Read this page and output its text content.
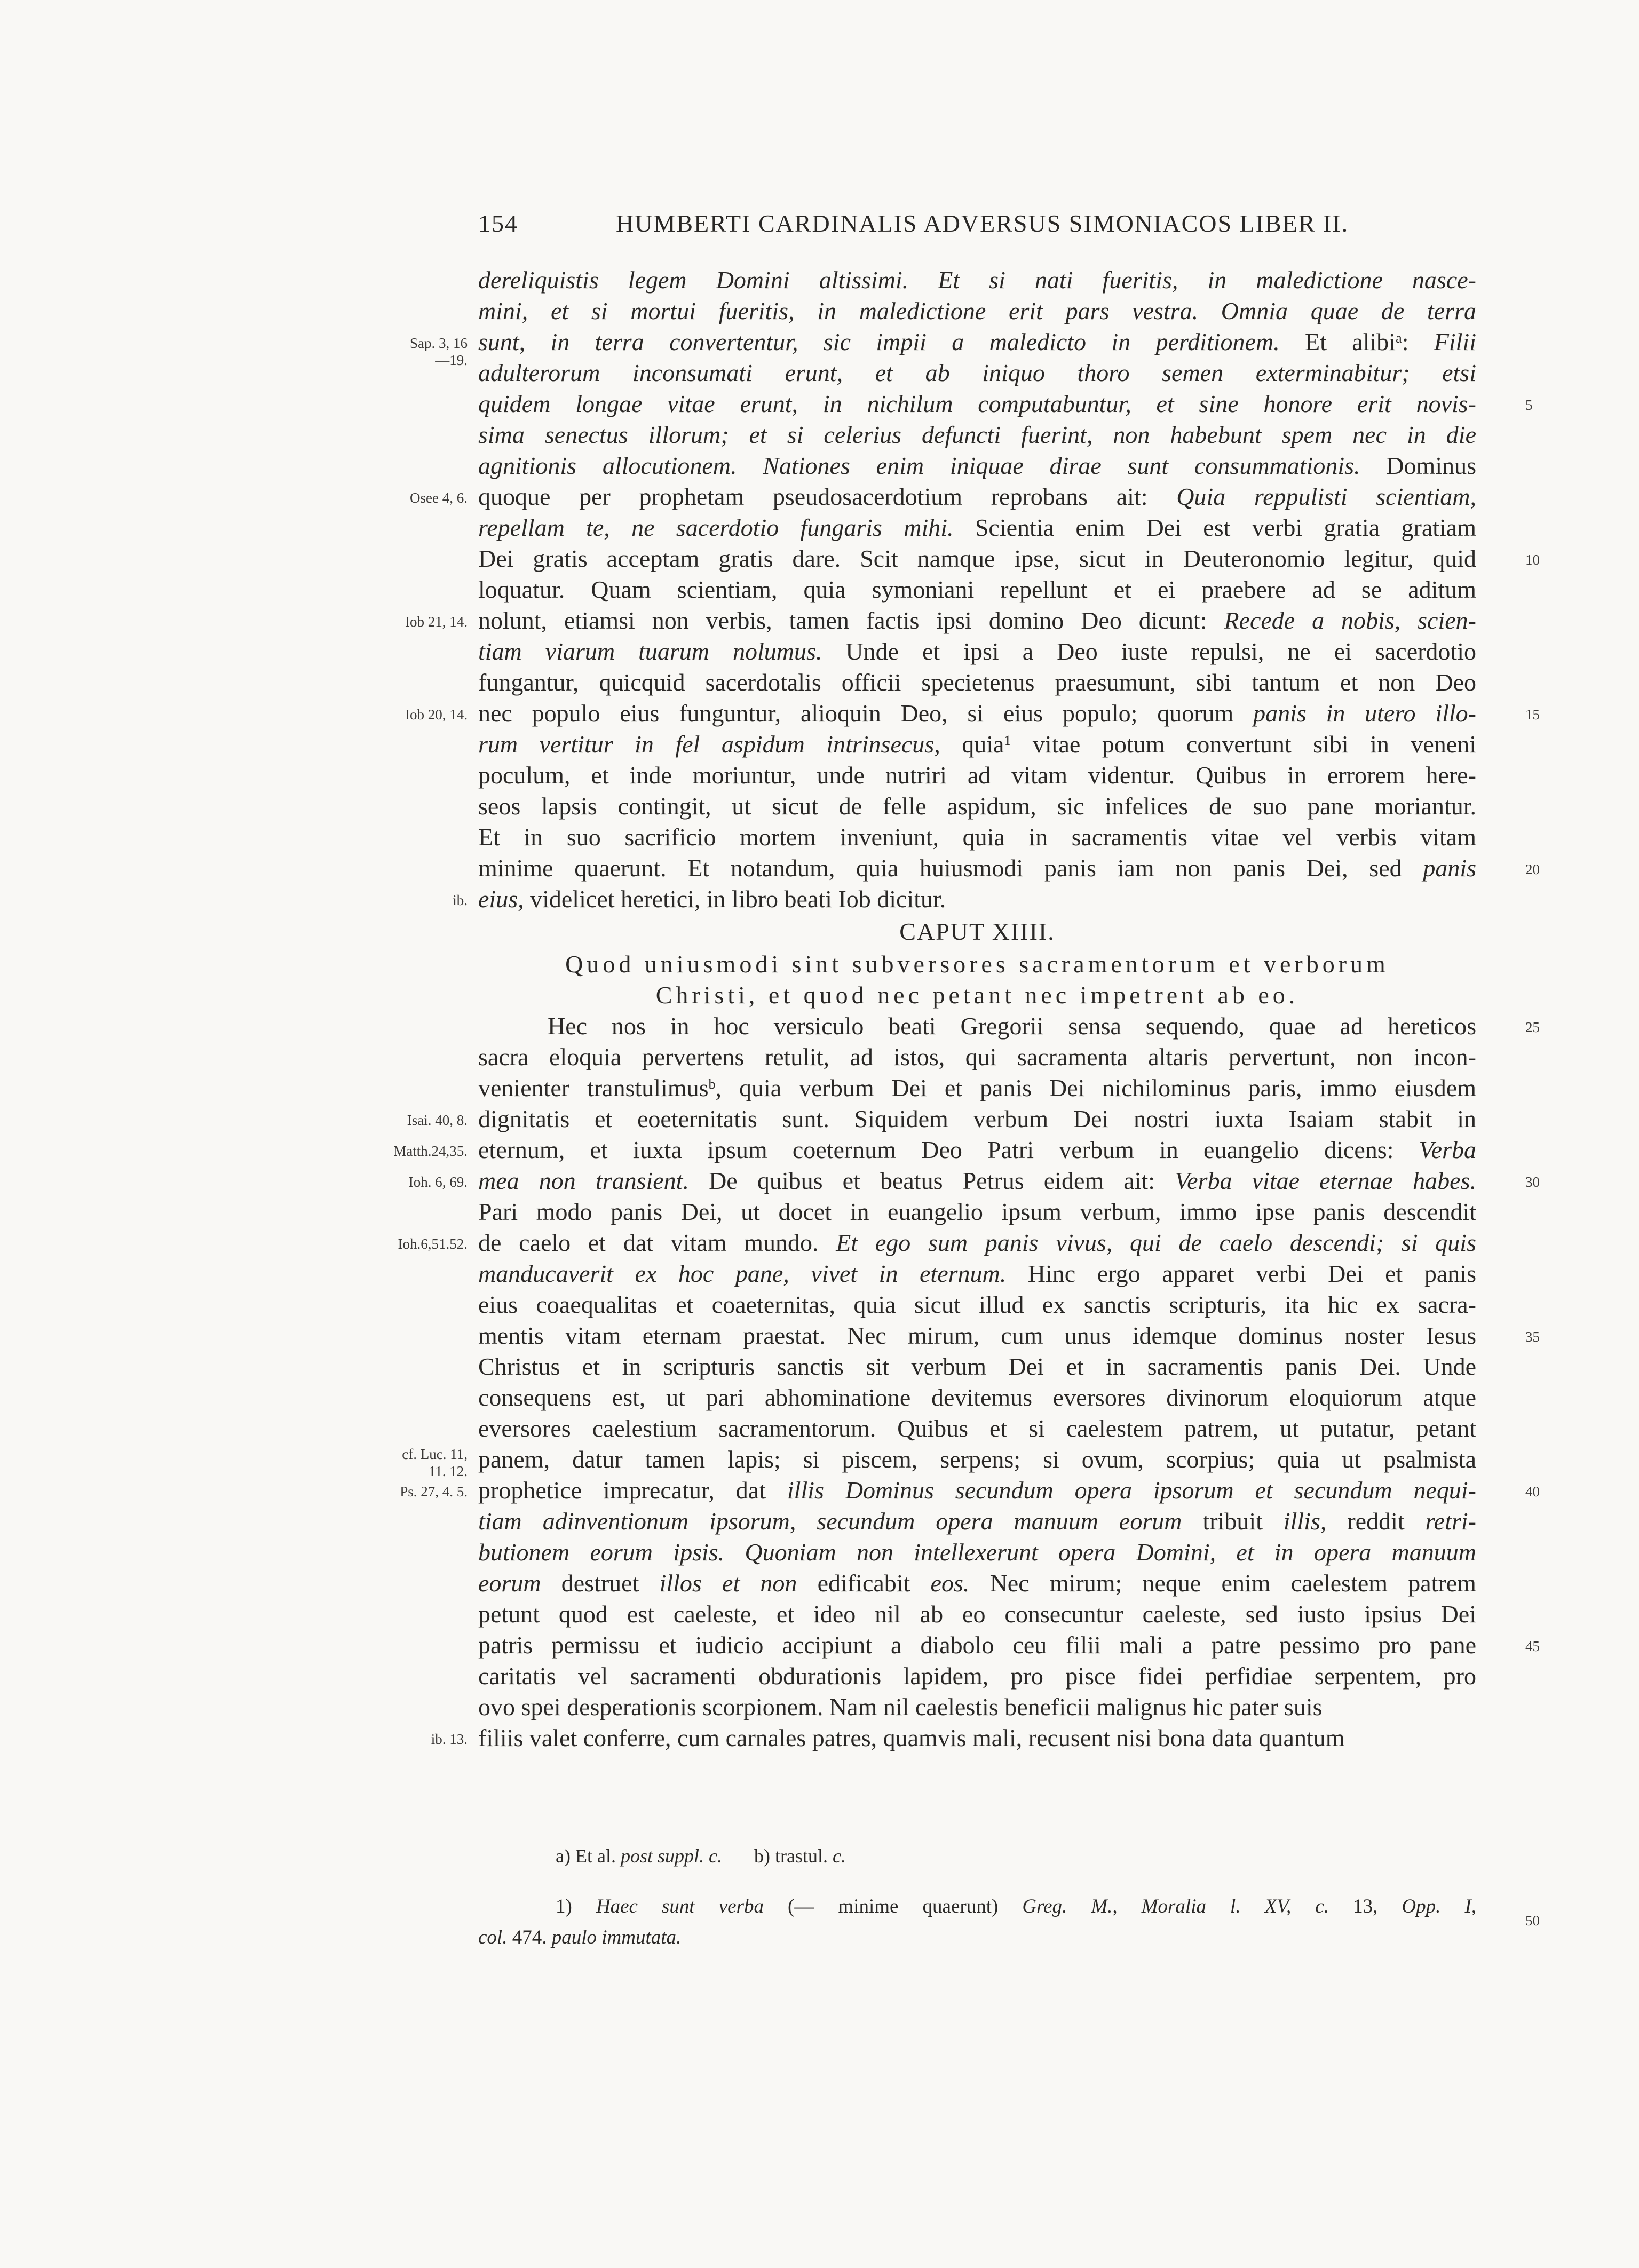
154	HUMBERTI CARDINALIS ADVERSUS SIMONIACOS LIBER II.
dereliquistis legem Domini altissimi. Et si nati fueritis, in maledictione nasce-
mini, et si mortui fueritis, in maledictione erit pars vestra. Omnia quae de terra
sunt, in terra convertentur, sic impii a maledicto in perditionem. Et alibi$^a$: Filii
adulterorum inconsumati erunt, et ab iniquo thoro semen exterminabitur; etsi
quidem longae vitae erunt, in nichilum computabuntur, et sine honore erit novis-
sima senectus illorum; et si celerius defuncti fuerint, non habebunt spem nec in die
agnitionis allocutionem. Nationes enim iniquae dirae sunt consummationis. Dominus
quoque per prophetam pseudosacerdotium reprobans ait: Quia reppulisti scientiam,
repellam te, ne sacerdotio fungaris mihi. Scientia enim Dei est verbi gratia gratiam
Dei gratis acceptam gratis dare. Scit namque ipse, sicut in Deuteronomio legitur, quid
loquatur. Quam scientiam, quia symoniani repellunt et ei praebere ad se aditum
nolunt, etiamsi non verbis, tamen factis ipsi domino Deo dicunt: Recede a nobis, scien-
tiam viarum tuarum nolumus. Unde et ipsi a Deo iuste repulsi, ne ei sacerdotio
fungantur, quicquid sacerdotalis officii specietenus praesumunt, sibi tantum et non Deo
nec populo eius funguntur, alioquin Deo, si eius populo; quorum panis in utero illo-
rum vertitur in fel aspidum intrinsecus, quia$^1$ vitae potum convertunt sibi in veneni
poculum, et inde moriuntur, unde nutriri ad vitam videntur. Quibus in errorem here-
seos lapsis contingit, ut sicut de felle aspidum, sic infelices de suo pane moriantur.
Et in suo sacrificio mortem inveniunt, quia in sacramentis vitae vel verbis vitam
minime quaerunt. Et notandum, quia huiusmodi panis iam non panis Dei, sed panis
eius, videlicet heretici, in libro beati Iob dicitur.
CAPUT XIIII.
Quod uniusmodi sint subversores sacramentorum et verborum
Christi, et quod nec petant nec impetrent ab eo.
Hec nos in hoc versiculo beati Gregorii sensa sequendo, quae ad hereticos
sacra eloquia pervertens retulit, ad istos, qui sacramenta altaris pervertunt, non incon-
venienter transtulimus$^b$, quia verbum Dei et panis Dei nichilominus paris, immo eiusdem
dignitatis et eoeternitatis sunt. Siquidem verbum Dei nostri iuxta Isaiam stabit in
eternum, et iuxta ipsum coeternum Deo Patri verbum in euangelio dicens: Verba
mea non transient. De quibus et beatus Petrus eidem ait: Verba vitae eternae habes.
Pari modo panis Dei, ut docet in euangelio ipsum verbum, immo ipse panis descendit
de caelo et dat vitam mundo. Et ego sum panis vivus, qui de caelo descendi; si quis
manducaverit ex hoc pane, vivet in eternum. Hinc ergo apparet verbi Dei et panis
eius coaequalitas et coaeternitas, quia sicut illud ex sanctis scripturis, ita hic ex sacra-
mentis vitam eternam praestat. Nec mirum, cum unus idemque dominus noster Iesus
Christus et in scripturis sanctis sit verbum Dei et in sacramentis panis Dei. Unde
consequens est, ut pari abhominatione devitemus eversores divinorum eloquiorum atque
eversores caelestium sacramentorum. Quibus et si caelestem patrem, ut putatur, petant
panem, datur tamen lapis; si piscem, serpens; si ovum, scorpius; quia ut psalmista
prophetice imprecatur, dat illis Dominus secundum opera ipsorum et secundum nequi-
tiam adinventionum ipsorum, secundum opera manuum eorum tribuit illis, reddit retri-
butionem eorum ipsis. Quoniam non intellexerunt opera Domini, et in opera manuum
eorum destruet illos et non edificabit eos. Nec mirum; neque enim caelestem patrem
petunt quod est caeleste, et ideo nil ab eo consecuntur caeleste, sed iusto ipsius Dei
patris permissu et iudicio accipiunt a diabolo ceu filii mali a patre pessimo pro pane
caritatis vel sacramenti obdurationis lapidem, pro pisce fidei perfidiae serpentem, pro
ovo spei desperationis scorpionem. Nam nil caelestis beneficii malignus hic pater suis
filiis valet conferre, cum carnales patres, quamvis mali, recusent nisi bona data quantum
Sap. 3, 16
—19.
Osee 4, 6.
Iob 21, 14.
Iob 20, 14.
ib.
Isai. 40, 8.
Matth.24,35.
Ioh. 6, 69.
Ioh.6,51.52.
cf. Luc. 11,
11. 12.
Ps. 27, 4. 5.
ib. 13.
5
10
15
20
25
30
35
40
45
a) Et al. post suppl. c. b) trastul. c.
1) Haec sunt verba (— minime quaerunt) Greg. M., Moralia l. XV, c. 13, Opp. I,
col. 474. paulo immutata.
50
